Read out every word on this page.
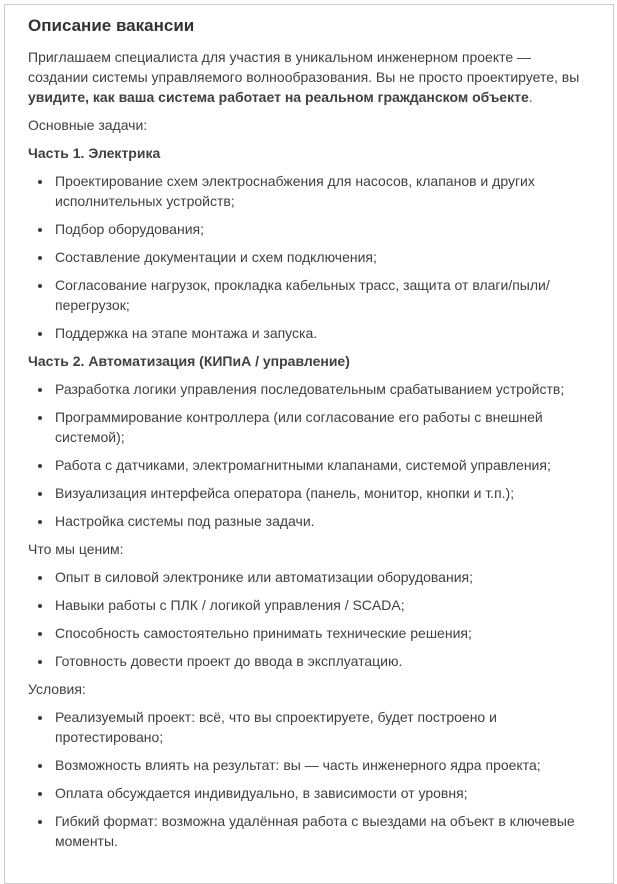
Описание вакансии

Приглашаем специалиста для участия в уникальном инженерном проекте — создании системы управляемого волнообразования. Вы не просто проектируете, вы увидите, как ваша система работает на реальном гражданском объекте.

Основные задачи:

Часть 1. Электрика

• Проектирование схем электроснабжения для насосов, клапанов и других исполнительных устройств;
• Подбор оборудования;
• Составление документации и схем подключения;
• Согласование нагрузок, прокладка кабельных трасс, защита от влаги/пыли/перегрузок;
• Поддержка на этапе монтажа и запуска.

Часть 2. Автоматизация (КИПиА / управление)

• Разработка логики управления последовательным срабатыванием устройств;
• Программирование контроллера (или согласование его работы с внешней системой);
• Работа с датчиками, электромагнитными клапанами, системой управления;
• Визуализация интерфейса оператора (панель, монитор, кнопки и т.п.);
• Настройка системы под разные задачи.

Что мы ценим:

• Опыт в силовой электронике или автоматизации оборудования;
• Навыки работы с ПЛК / логикой управления / SCADA;
• Способность самостоятельно принимать технические решения;
• Готовность довести проект до ввода в эксплуатацию.

Условия:

• Реализуемый проект: всё, что вы спроектируете, будет построено и протестировано;
• Возможность влиять на результат: вы — часть инженерного ядра проекта;
• Оплата обсуждается индивидуально, в зависимости от уровня;
• Гибкий формат: возможна удалённая работа с выездами на объект в ключевые моменты.
